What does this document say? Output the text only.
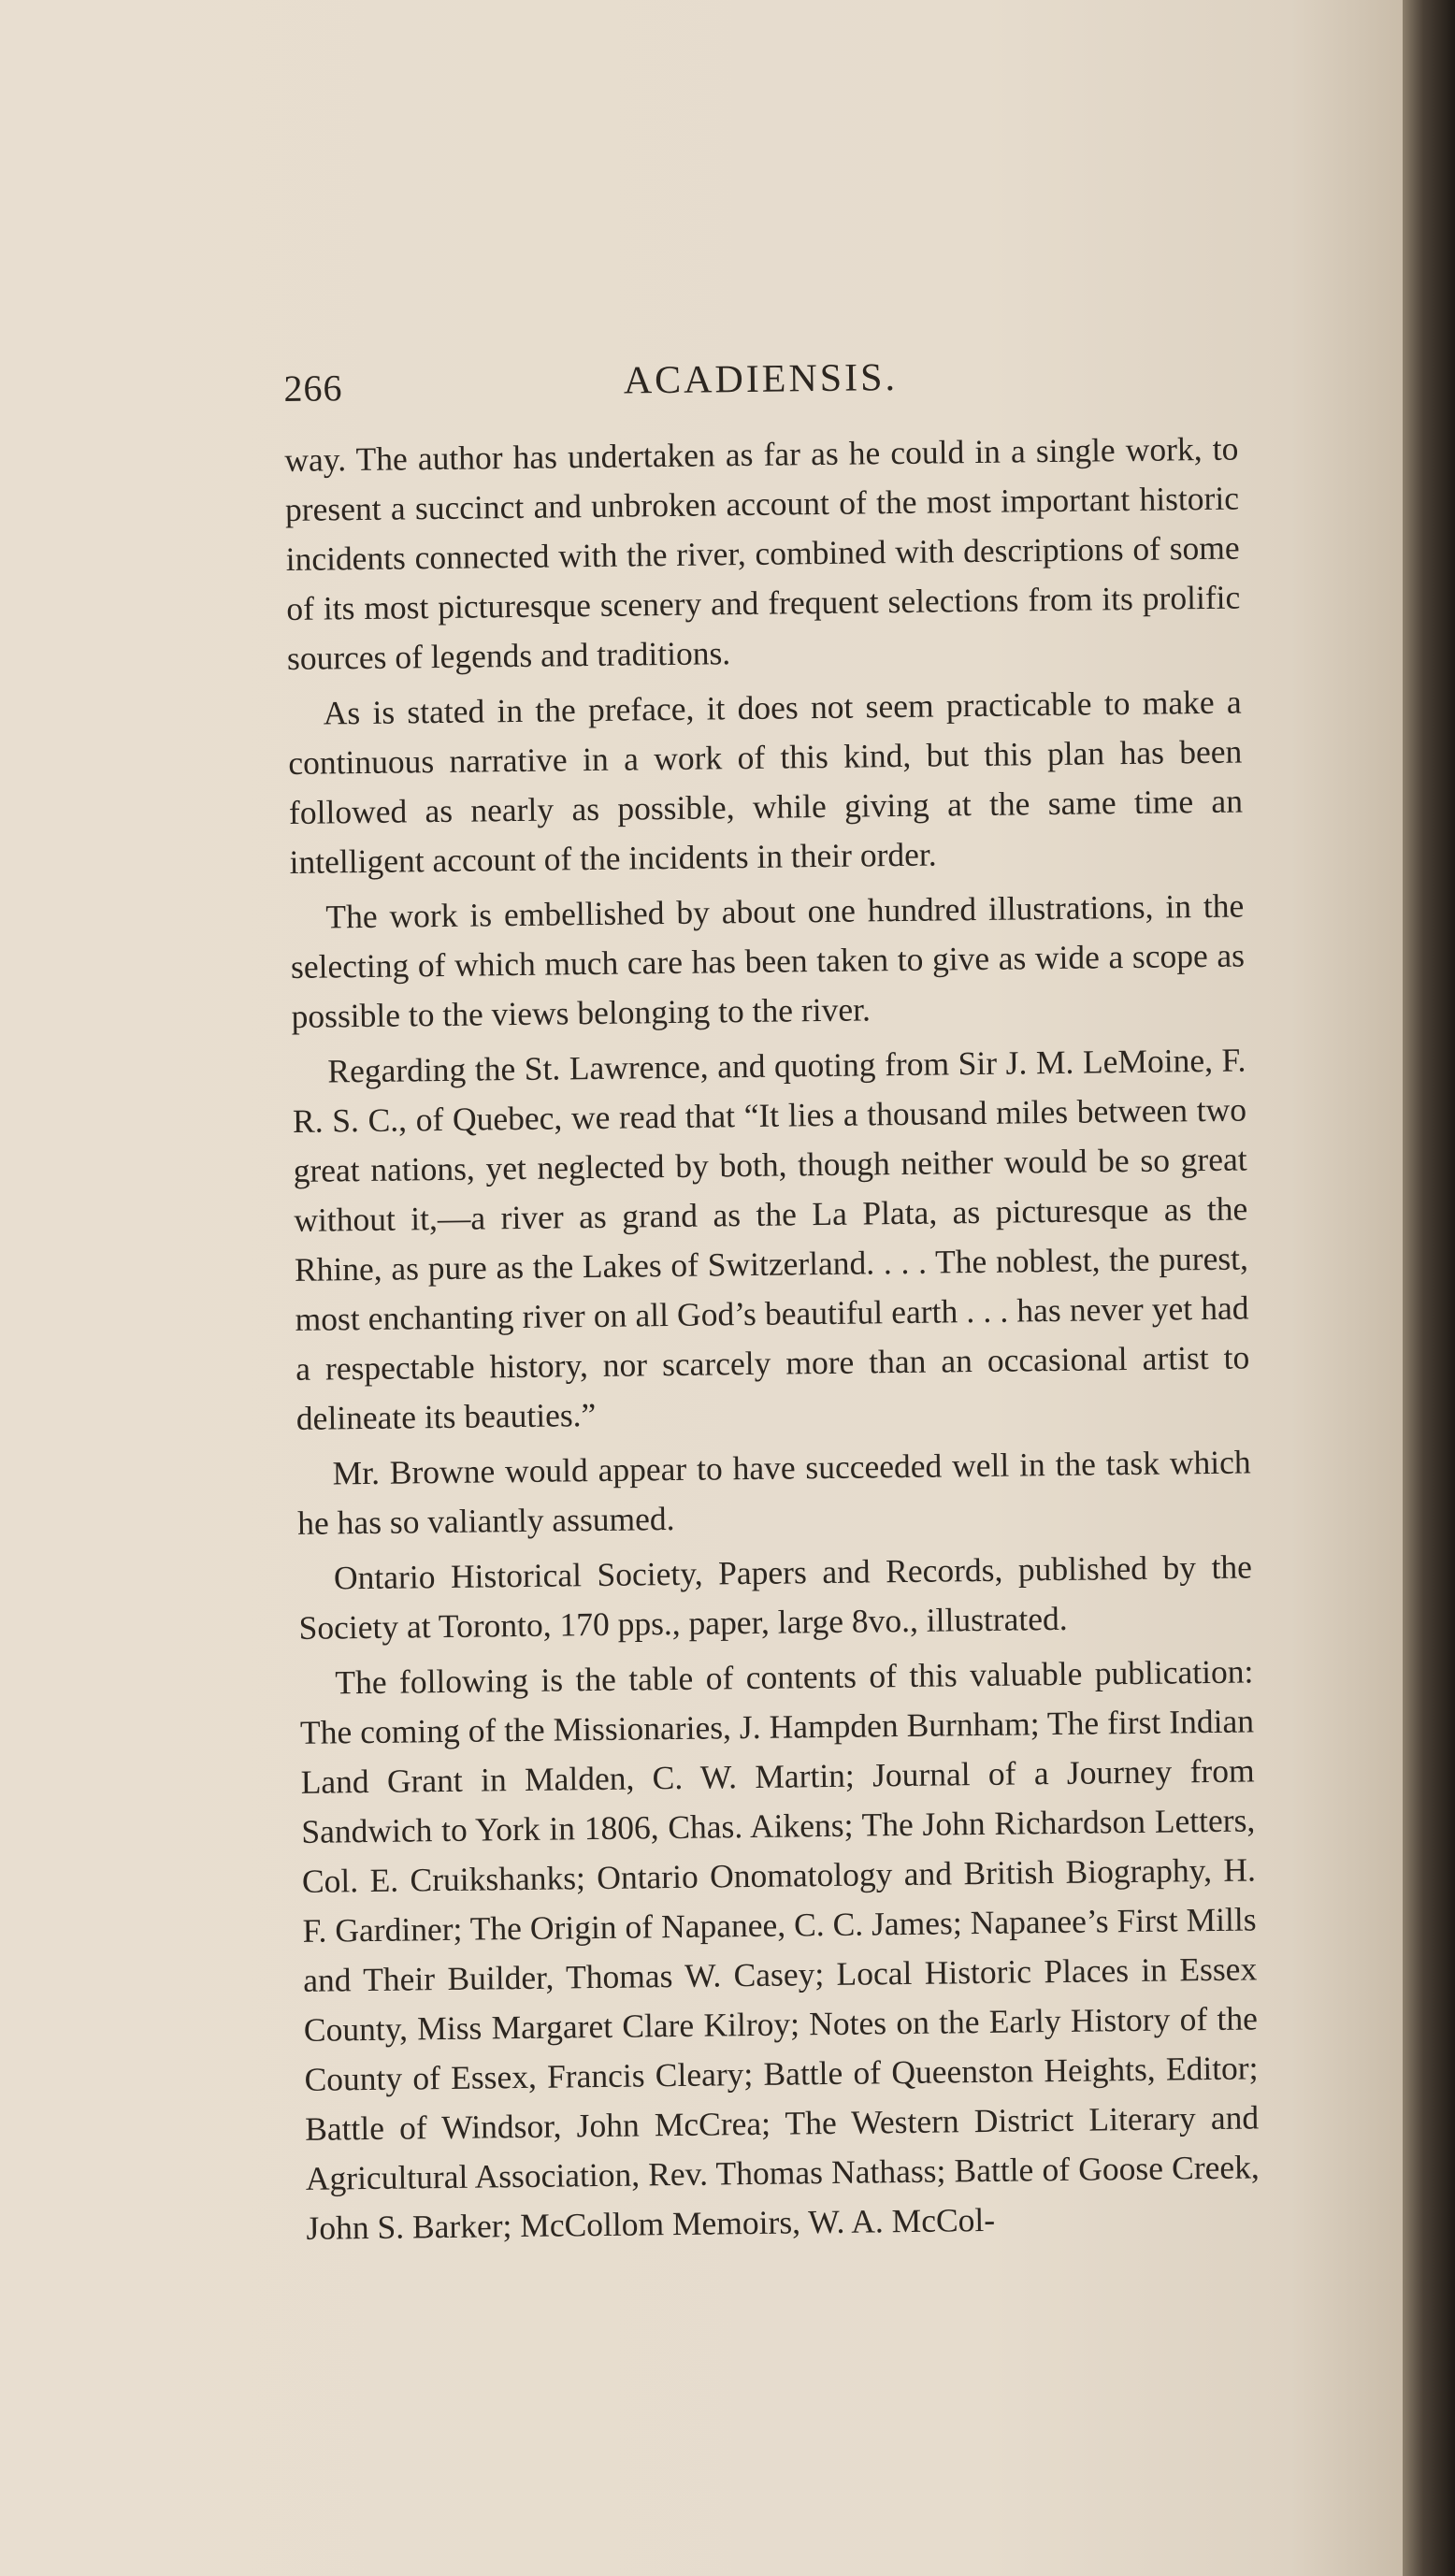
266	ACADIENSIS.

way. The author has undertaken as far as he could in a single work, to present a succinct and unbroken account of the most important historic incidents connected with the river, combined with descriptions of some of its most picturesque scenery and frequent selections from its prolific sources of legends and traditions.

As is stated in the preface, it does not seem practicable to make a continuous narrative in a work of this kind, but this plan has been followed as nearly as possible, while giving at the same time an intelligent account of the incidents in their order.

The work is embellished by about one hundred illustrations, in the selecting of which much care has been taken to give as wide a scope as possible to the views belonging to the river.

Regarding the St. Lawrence, and quoting from Sir J. M. LeMoine, F. R. S. C., of Quebec, we read that “It lies a thousand miles between two great nations, yet neglected by both, though neither would be so great without it,—a river as grand as the La Plata, as picturesque as the Rhine, as pure as the Lakes of Switzerland. . . . The noblest, the purest, most enchanting river on all God’s beautiful earth . . . has never yet had a respectable history, nor scarcely more than an occasional artist to delineate its beauties.”

Mr. Browne would appear to have succeeded well in the task which he has so valiantly assumed.

Ontario Historical Society, Papers and Records, published by the Society at Toronto, 170 pps., paper, large 8vo., illustrated.

The following is the table of contents of this valuable publication: The coming of the Missionaries, J. Hampden Burnham; The first Indian Land Grant in Malden, C. W. Martin; Journal of a Journey from Sandwich to York in 1806, Chas. Aikens; The John Richardson Letters, Col. E. Cruikshanks; Ontario Onomatology and British Biography, H. F. Gardiner; The Origin of Napanee, C. C. James; Napanee’s First Mills and Their Builder, Thomas W. Casey; Local Historic Places in Essex County, Miss Margaret Clare Kilroy; Notes on the Early History of the County of Essex, Francis Cleary; Battle of Queenston Heights, Editor; Battle of Windsor, John McCrea; The Western District Literary and Agricultural Association, Rev. Thomas Nathass; Battle of Goose Creek, John S. Barker; McCollom Memoirs, W. A. McCol-
